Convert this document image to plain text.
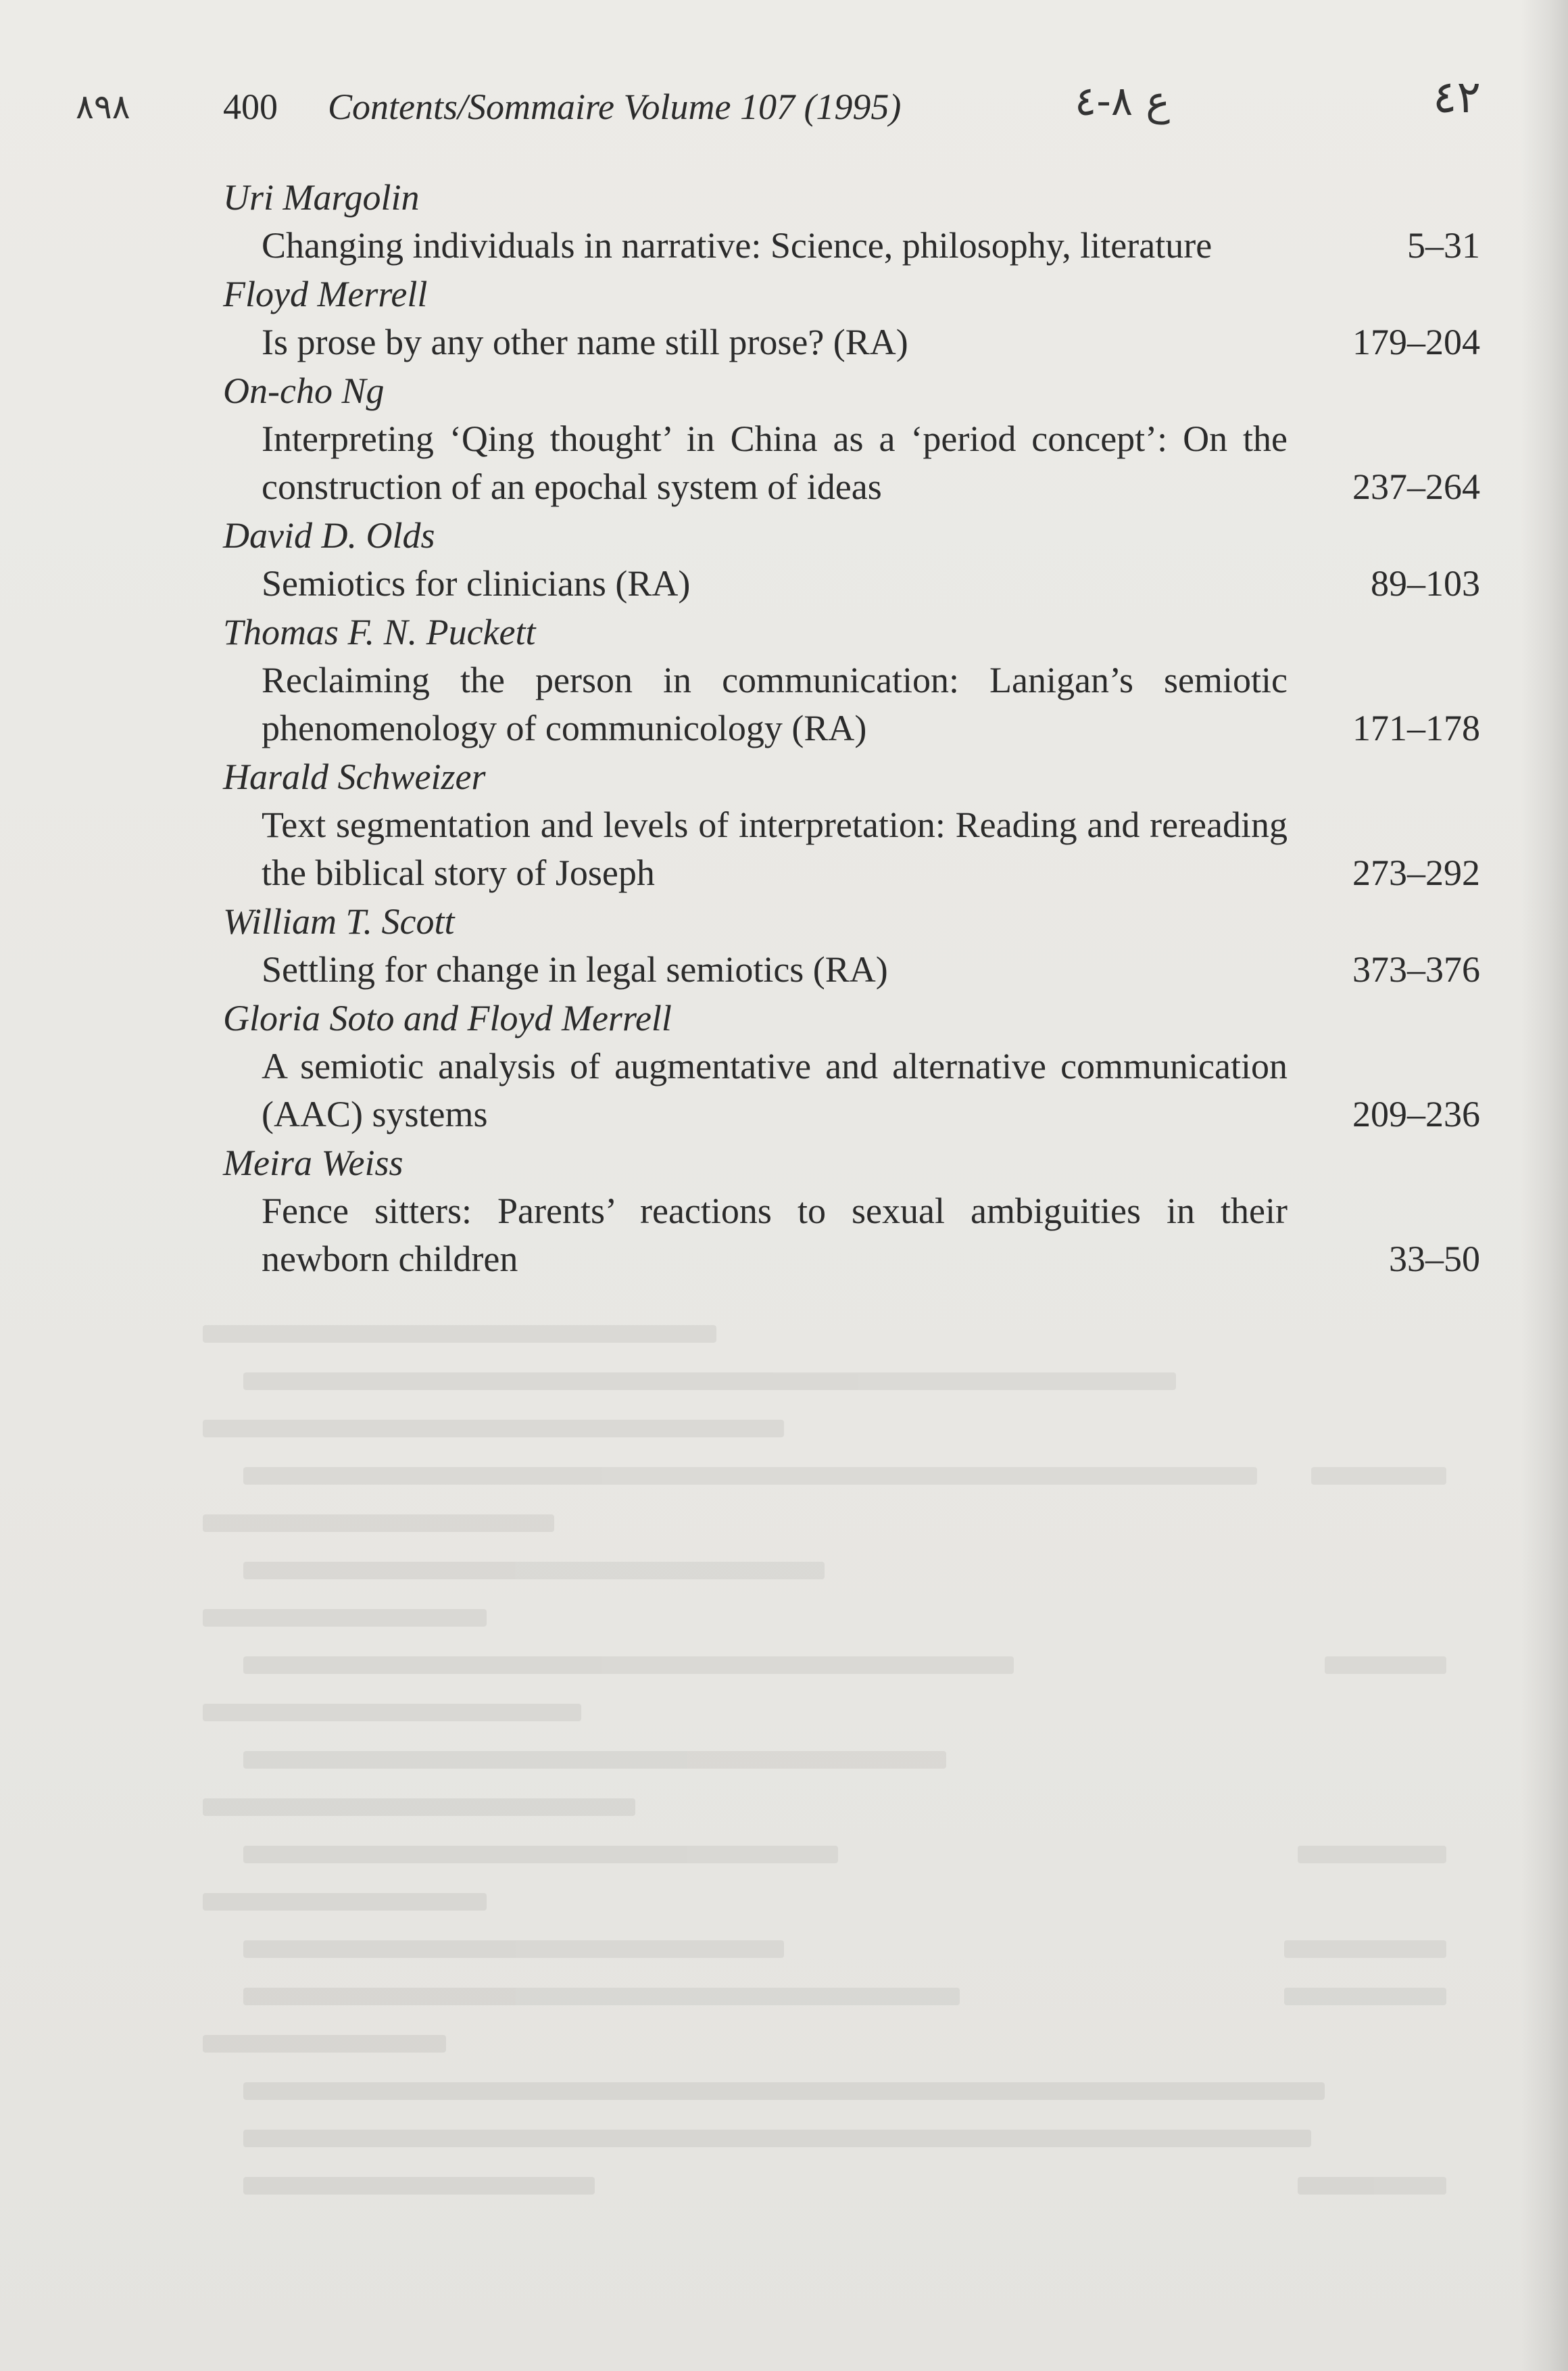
٨٩٨	400 Contents/Sommaire Volume 107 (1995)	ع ٨-٤	٤٢
Uri Margolin
Changing individuals in narrative: Science, philosophy, literature	5–31
Floyd Merrell
Is prose by any other name still prose? (RA)	179–204
On-cho Ng
Interpreting ‘Qing thought’ in China as a ‘period concept’: On the construction of an epochal system of ideas	237–264
David D. Olds
Semiotics for clinicians (RA)	89–103
Thomas F. N. Puckett
Reclaiming the person in communication: Lanigan’s semiotic phenomenology of communicology (RA)	171–178
Harald Schweizer
Text segmentation and levels of interpretation: Reading and rereading the biblical story of Joseph	273–292
William T. Scott
Settling for change in legal semiotics (RA)	373–376
Gloria Soto and Floyd Merrell
A semiotic analysis of augmentative and alternative communication (AAC) systems	209–236
Meira Weiss
Fence sitters: Parents’ reactions to sexual ambiguities in their newborn children	33–50
